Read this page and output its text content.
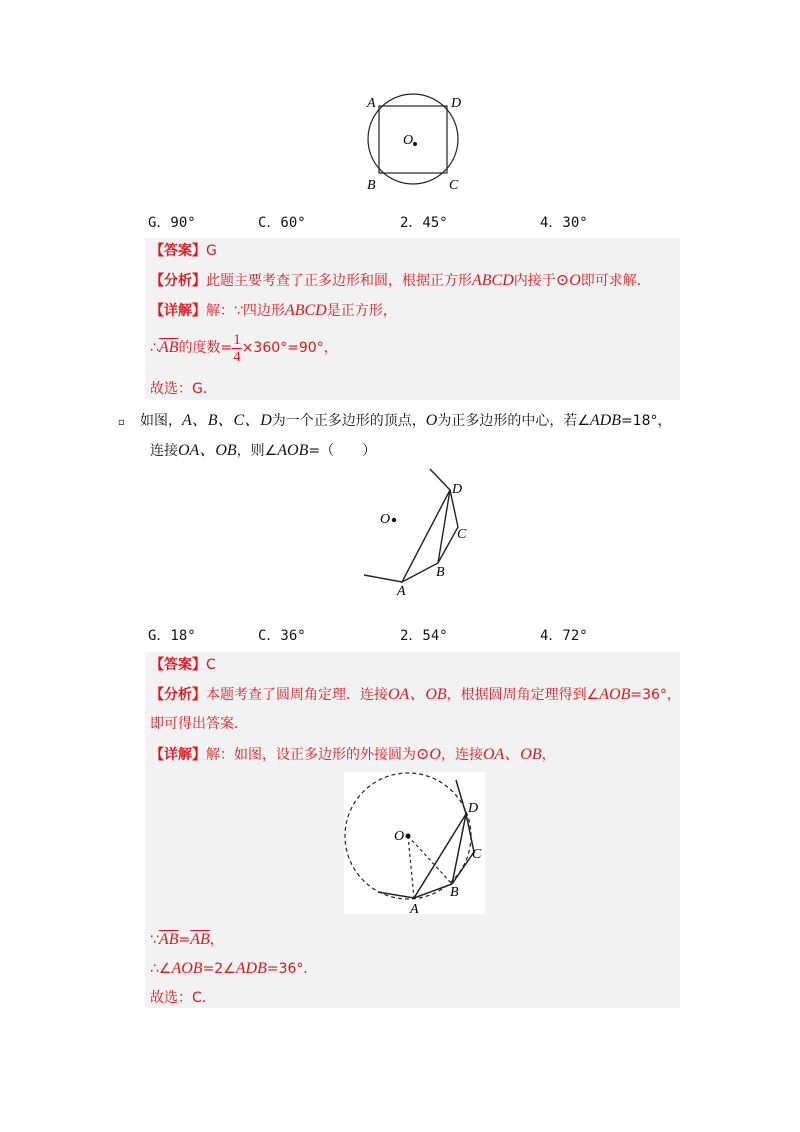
A	D
O
B	C
G．90°	C．60°	2．45°	4．30°
【答案】G
【分析】此题主要考查了正多边形和圆，根据正方形ABCD内接于⊙O即可求解．
【详解】解：∵四边形ABCD是正方形，
$\therefore\overline{AB}$的度数= $\frac{1}{4} \times 360^\circ=90^\circ$，
故选：G．
▫ 如图，A、B、C、D为一个正多边形的顶点，O为正多边形的中心，若∠ADB=18°，
连接OA、OB，则∠AOB=（　　）
O
D
C
B
A
G．18°	C．36°	2．54°	4．72°
【答案】C
【分析】本题考查了圆周角定理．连接OA、OB，根据圆周角定理得到∠AOB=36°，
即可得出答案．
【详解】解：如图，设正多边形的外接圆为⊙O，连接OA、OB，
O
D
C
B
A
$\because\overline{AB}=\overline{AB}$，
∴∠AOB=2∠ADB=36°．
故选：C．
